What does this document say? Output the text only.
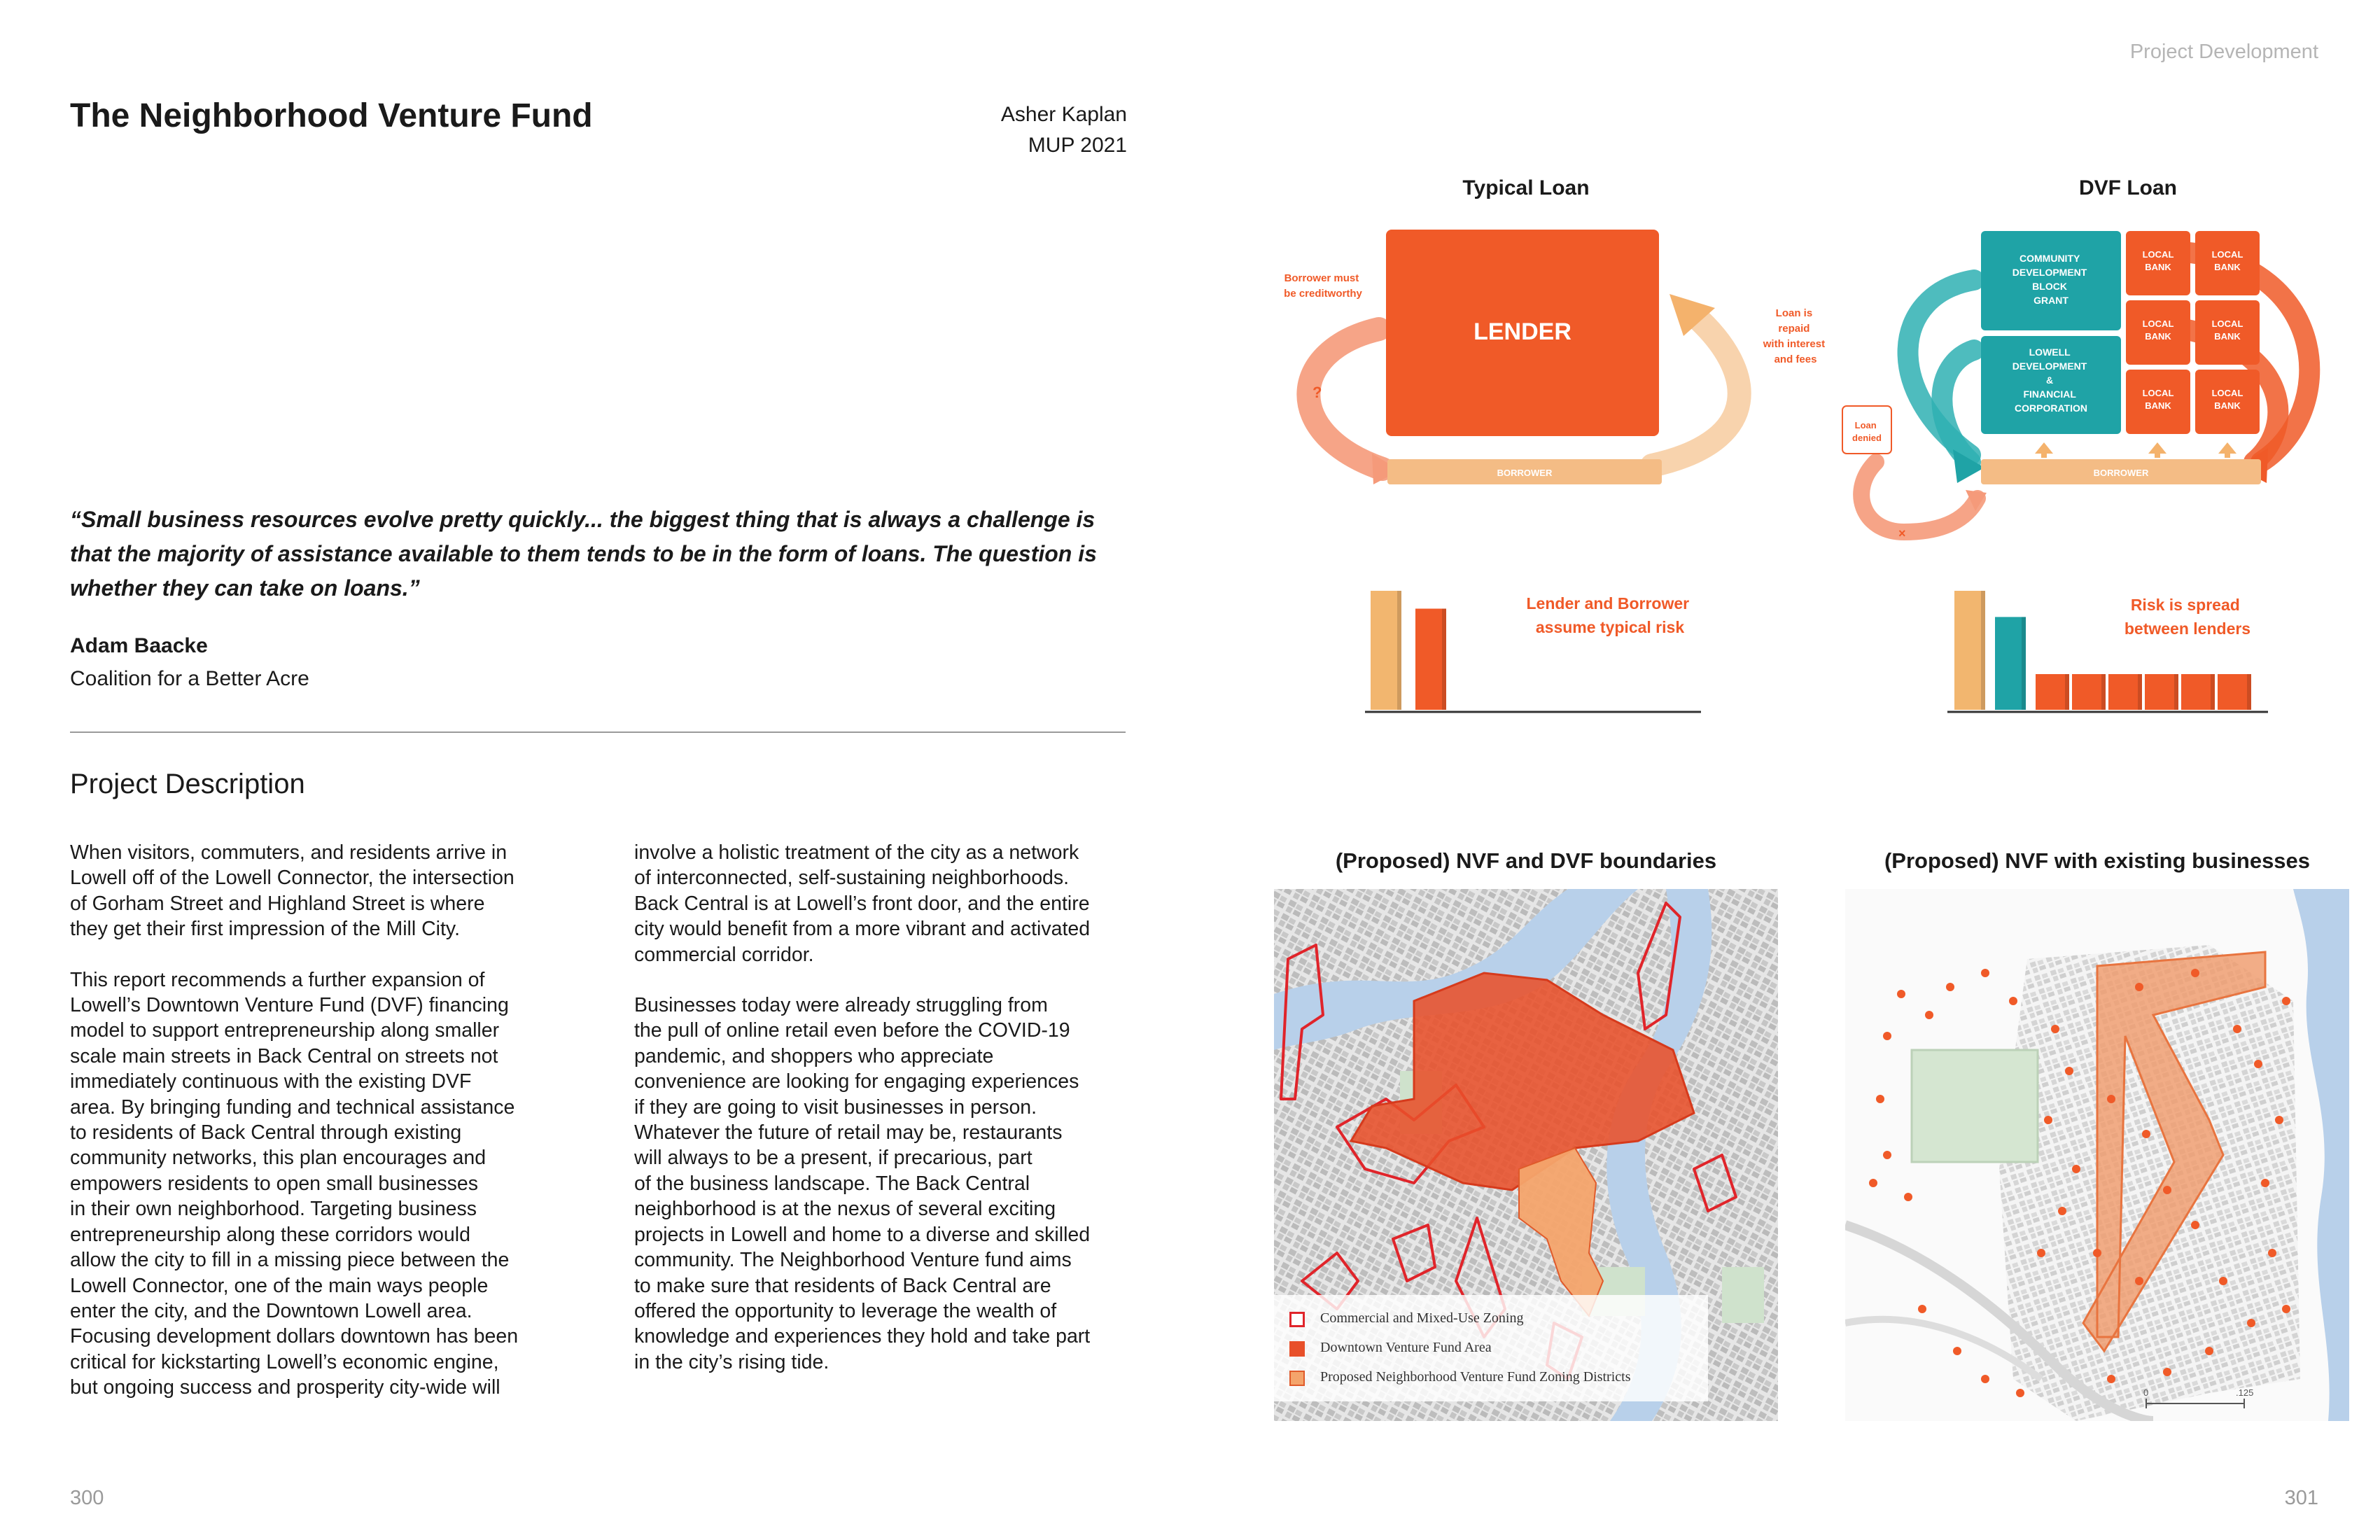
Project Development
The Neighborhood Venture Fund	Asher Kaplan
MUP 2021
“Small business resources evolve pretty quickly... the biggest thing that is always a challenge is that the majority of assistance available to them tends to be in the form of loans. The question is whether they can take on loans.”
Adam Baacke
Coalition for a Better Acre
Project Description

When visitors, commuters, and residents arrive in
Lowell off of the Lowell Connector, the intersection
of Gorham Street and Highland Street is where
they get their first impression of the Mill City.

This report recommends a further expansion of
Lowell’s Downtown Venture Fund (DVF) financing
model to support entrepreneurship along smaller
scale main streets in Back Central on streets not
immediately continuous with the existing DVF
area. By bringing funding and technical assistance
to residents of Back Central through existing
community networks, this plan encourages and
empowers residents to open small businesses
in their own neighborhood. Targeting business
entrepreneurship along these corridors would
allow the city to fill in a missing piece between the
Lowell Connector, one of the main ways people
enter the city, and the Downtown Lowell area.
Focusing development dollars downtown has been
critical for kickstarting Lowell’s economic engine,
but ongoing success and prosperity city-wide will

involve a holistic treatment of the city as a network
of interconnected, self-sustaining neighborhoods.
Back Central is at Lowell’s front door, and the entire
city would benefit from a more vibrant and activated
commercial corridor.

Businesses today were already struggling from
the pull of online retail even before the COVID-19
pandemic, and shoppers who appreciate
convenience are looking for engaging experiences
if they are going to visit businesses in person.
Whatever the future of retail may be, restaurants
will always to be a present, if precarious, part
of the business landscape. The Back Central
neighborhood is at the nexus of several exciting
projects in Lowell and home to a diverse and skilled
community. The Neighborhood Venture fund aims
to make sure that residents of Back Central are
offered the opportunity to leverage the wealth of
knowledge and experiences they hold and take part
in the city’s rising tide.

300	301
Typical Loan	DVF Loan
LENDER
BORROWER
Borrower must be creditworthy
?
Loan is repaid with interest and fees
COMMUNITY DEVELOPMENT BLOCK GRANT
LOWELL DEVELOPMENT & FINANCIAL CORPORATION
LOCAL
BANK
LOCAL
BANK
LOCAL
BANK
LOCAL
BANK
LOCAL
BANK
LOCAL
BANK
BORROWER
×
Loan denied
Lender and Borrower assume typical risk
Risk is spread between lenders
(Proposed) NVF and DVF boundaries	(Proposed) NVF with existing businesses
Commercial and Mixed-Use Zoning
Downtown Venture Fund Area
Proposed Neighborhood Venture Fund Zoning Districts
0	.125
